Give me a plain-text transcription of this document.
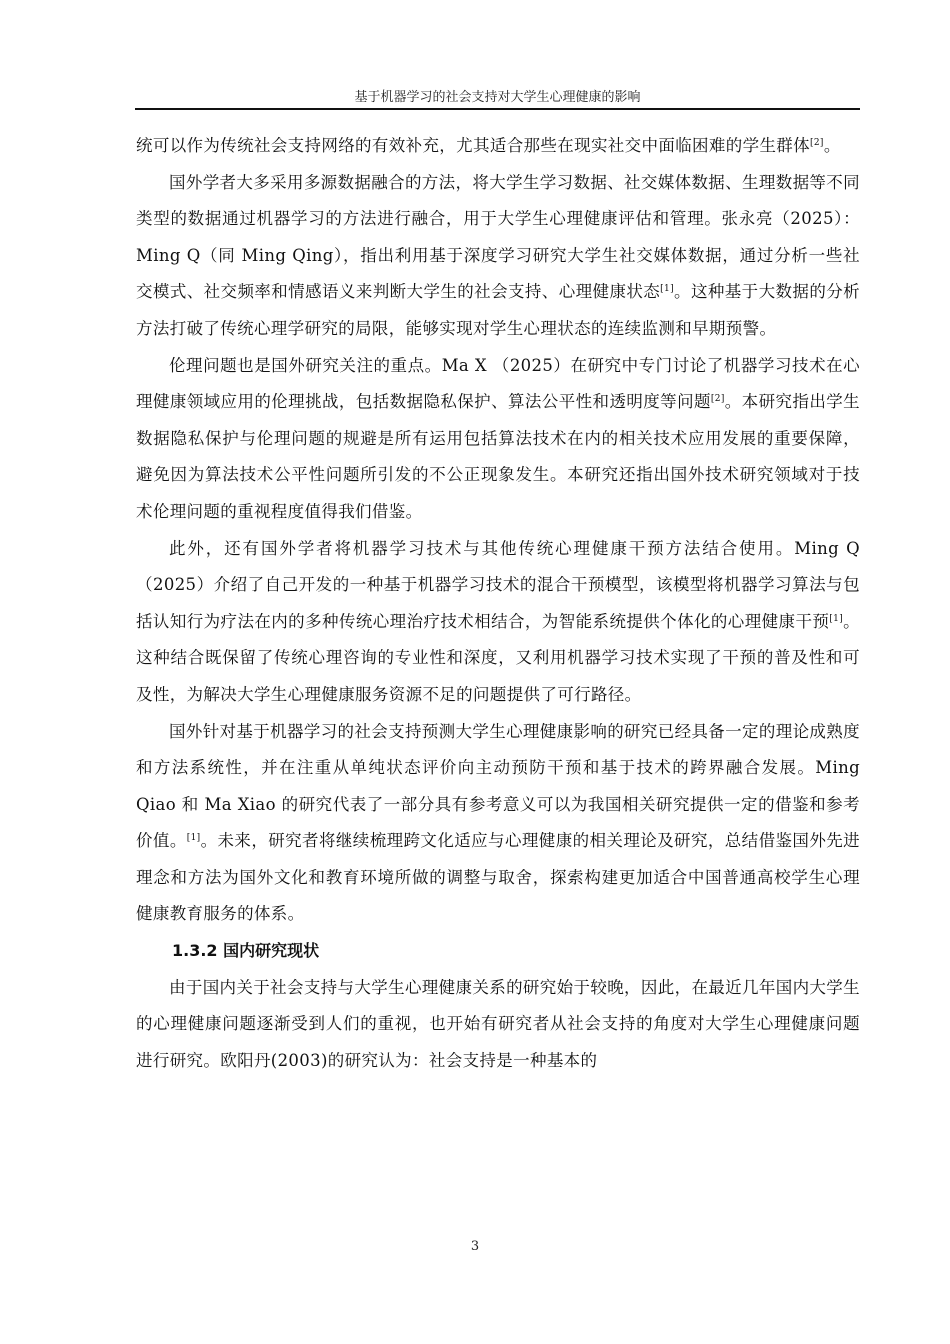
基于机器学习的社会支持对大学生心理健康的影响

统可以作为传统社会支持网络的有效补充，尤其适合那些在现实社交中面临困难的学生群体[2]。

国外学者大多采用多源数据融合的方法，将大学生学习数据、社交媒体数据、生理数据等不同类型的数据通过机器学习的方法进行融合，用于大学生心理健康评估和管理。张永亮（2025）： Ming Q（同 Ming Qing），指出利用基于深度学习研究大学生社交媒体数据，通过分析一些社交模式、社交频率和情感语义来判断大学生的社会支持、心理健康状态[1]。这种基于大数据的分析方法打破了传统心理学研究的局限，能够实现对学生心理状态的连续监测和早期预警。

伦理问题也是国外研究关注的重点。Ma X （2025）在研究中专门讨论了机器学习技术在心理健康领域应用的伦理挑战，包括数据隐私保护、算法公平性和透明度等问题[2]。本研究指出学生数据隐私保护与伦理问题的规避是所有运用包括算法技术在内的相关技术应用发展的重要保障，避免因为算法技术公平性问题所引发的不公正现象发生。本研究还指出国外技术研究领域对于技术伦理问题的重视程度值得我们借鉴。

此外，还有国外学者将机器学习技术与其他传统心理健康干预方法结合使用。Ming Q（2025）介绍了自己开发的一种基于机器学习技术的混合干预模型，该模型将机器学习算法与包括认知行为疗法在内的多种传统心理治疗技术相结合，为智能系统提供个体化的心理健康干预[1]。这种结合既保留了传统心理咨询的专业性和深度，又利用机器学习技术实现了干预的普及性和可及性，为解决大学生心理健康服务资源不足的问题提供了可行路径。

国外针对基于机器学习的社会支持预测大学生心理健康影响的研究已经具备一定的理论成熟度和方法系统性，并在注重从单纯状态评价向主动预防干预和基于技术的跨界融合发展。Ming Qiao 和 Ma Xiao 的研究代表了一部分具有参考意义可以为我国相关研究提供一定的借鉴和参考价值。[1]。未来，研究者将继续梳理跨文化适应与心理健康的相关理论及研究，总结借鉴国外先进理念和方法为国外文化和教育环境所做的调整与取舍，探索构建更加适合中国普通高校学生心理健康教育服务的体系。

1.3.2 国内研究现状

由于国内关于社会支持与大学生心理健康关系的研究始于较晚，因此，在最近几年国内大学生的心理健康问题逐渐受到人们的重视，也开始有研究者从社会支持的角度对大学生心理健康问题进行研究。欧阳丹(2003)的研究认为：社会支持是一种基本的

3
